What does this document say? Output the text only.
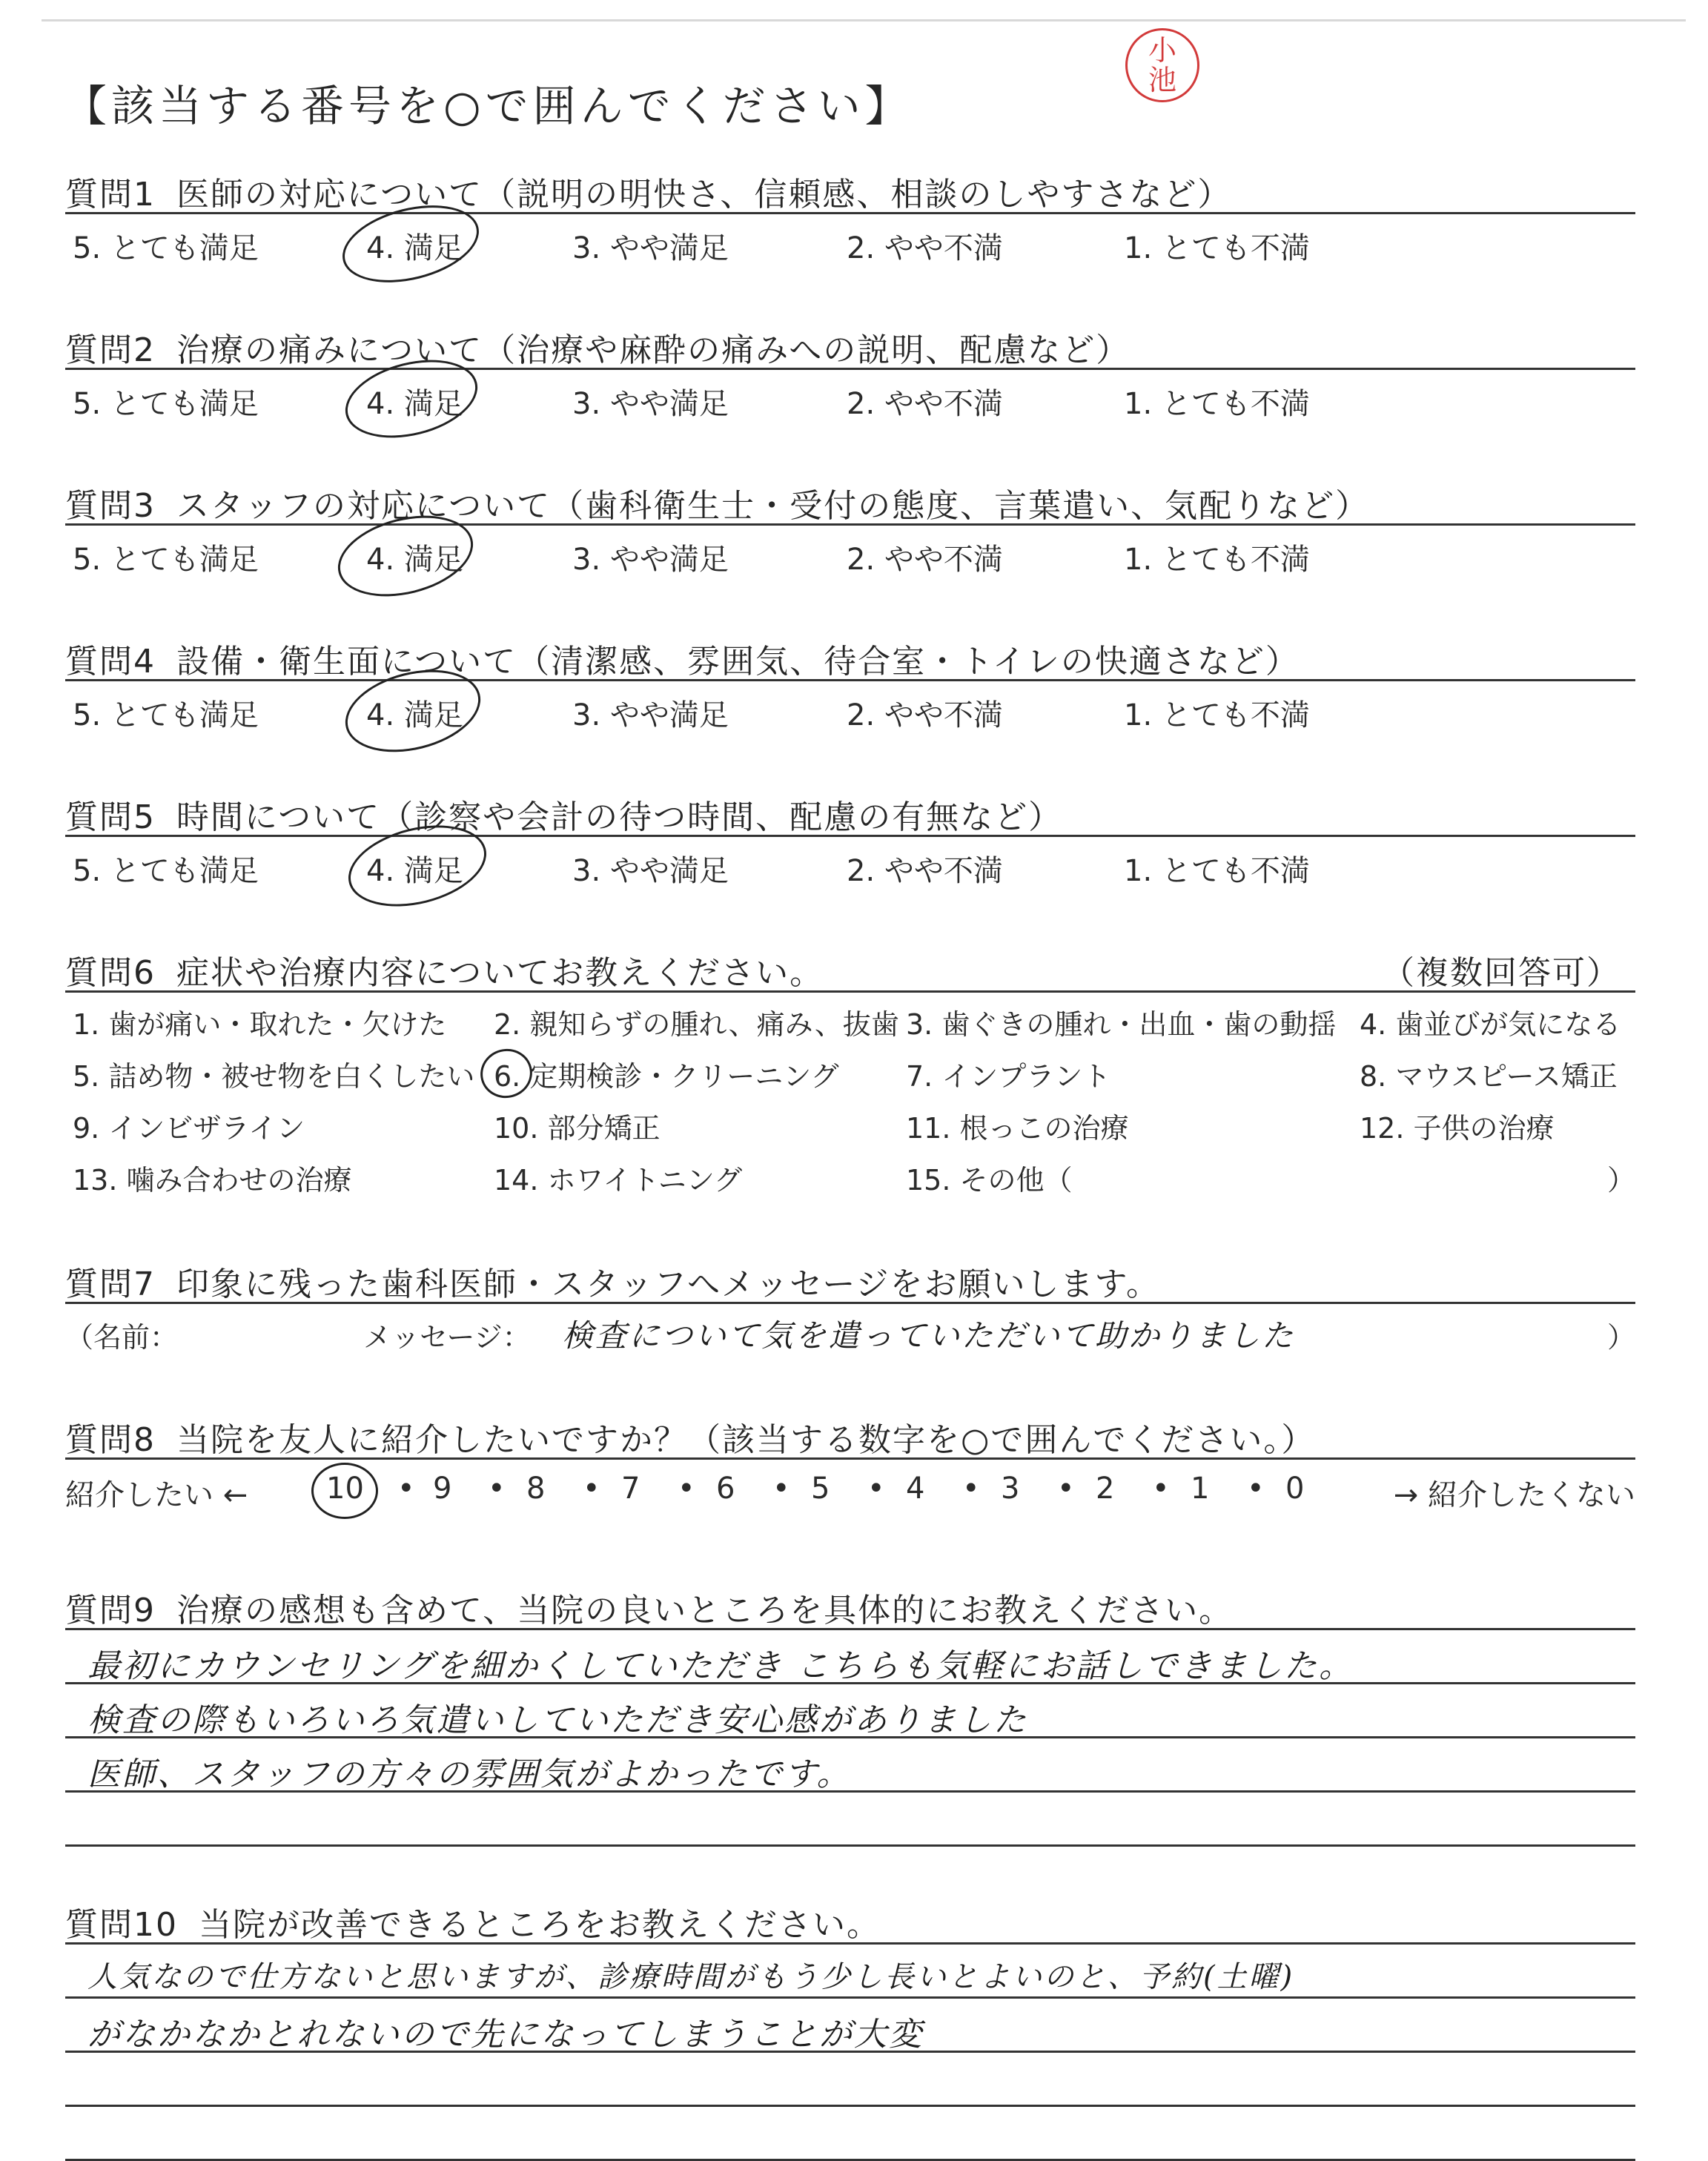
【該当する番号を○で囲んでください】
小
池
質問1 医師の対応について（説明の明快さ、信頼感、相談のしやすさなど）
5. とても満足	4. 満足	3. やや満足	2. やや不満	1. とても不満
質問2 治療の痛みについて（治療や麻酔の痛みへの説明、配慮など）
5. とても満足	4. 満足	3. やや満足	2. やや不満	1. とても不満
質問3 スタッフの対応について（歯科衛生士・受付の態度、言葉遣い、気配りなど）
5. とても満足	4. 満足	3. やや満足	2. やや不満	1. とても不満
質問4 設備・衛生面について（清潔感、雰囲気、待合室・トイレの快適さなど）
5. とても満足	4. 満足	3. やや満足	2. やや不満	1. とても不満
質問5 時間について（診察や会計の待つ時間、配慮の有無など）
5. とても満足	4. 満足	3. やや満足	2. やや不満	1. とても不満
質問6 症状や治療内容についてお教えください。	（複数回答可）
1. 歯が痛い・取れた・欠けた 2. 親知らずの腫れ、痛み、抜歯 3. 歯ぐきの腫れ・出血・歯の動揺 4. 歯並びが気になる
5. 詰め物・被せ物を白くしたい 6. 定期検診・クリーニング 7. インプラント	8. マウスピース矯正
9. インビザライン	10. 部分矯正	11. 根っこの治療	12. 子供の治療
13. 噛み合わせの治療	14. ホワイトニング	15. その他（	）
質問7 印象に残った歯科医師・スタッフへメッセージをお願いします。
（名前：	メッセージ： 検査について気を遣っていただいて助かりました	）
質問8 当院を友人に紹介したいですか？（該当する数字を○で囲んでください。）
紹介したい ←	10 • 9 • 8 • 7 • 6 • 5 • 4 • 3 • 2 • 1 • 0	→ 紹介したくない
質問9 治療の感想も含めて、当院の良いところを具体的にお教えください。
最初にカウンセリングを細かくしていただき こちらも気軽にお話しできました。
検査の際もいろいろ気遣いしていただき安心感がありました
医師、スタッフの方々の雰囲気がよかったです。
質問10 当院が改善できるところをお教えください。
人気なので仕方ないと思いますが、診療時間がもう少し長いとよいのと、予約(土曜)
がなかなかとれないので先になってしまうことが大変
